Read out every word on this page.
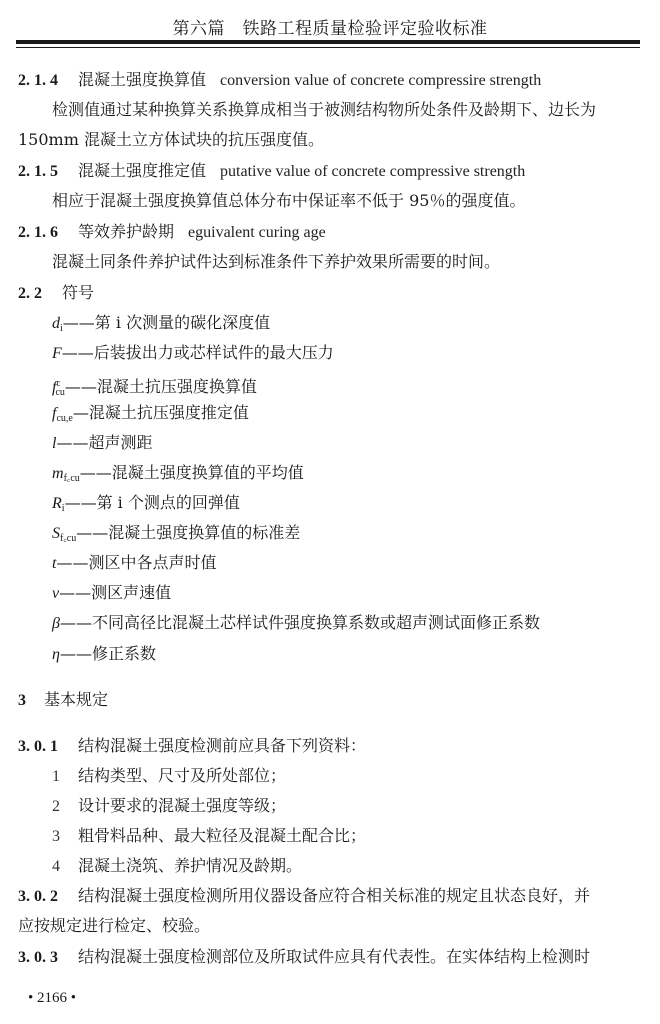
第六篇　铁路工程质量检验评定验收标准
2. 1. 4 混凝土强度换算值 conversion value of concrete compressire strength
检测值通过某种换算关系换算成相当于被测结构物所处条件及龄期下、边长为
150mm 混凝土立方体试块的抗压强度值。
2. 1. 5 混凝土强度推定值 putative value of concrete compressive strength
相应于混凝土强度换算值总体分布中保证率不低于 95％的强度值。
2. 1. 6 等效养护龄期 eguivalent curing age
混凝土同条件养护试件达到标准条件下养护效果所需要的时间。
2. 2 符号
$d_i——$第 i 次测量的碳化深度值
F——后装拔出力或芯样试件的最大压力
$f^c_{cu}——$混凝土抗压强度换算值
$f_{cu,e}—$混凝土抗压强度推定值
l——超声测距
$m_{f꜀cu}——$混凝土强度换算值的平均值
$R_i——$第 i 个测点的回弹值
$S_{f꜀cu}——$混凝土强度换算值的标准差
t——测区中各点声时值
v——测区声速值
β——不同高径比混凝土芯样试件强度换算系数或超声测试面修正系数
η——修正系数
3 基本规定
3. 0. 1 结构混凝土强度检测前应具备下列资料：
1 结构类型、尺寸及所处部位；
2 设计要求的混凝土强度等级；
3 粗骨料品种、最大粒径及混凝土配合比；
4 混凝土浇筑、养护情况及龄期。
3. 0. 2 结构混凝土强度检测所用仪器设备应符合相关标准的规定且状态良好，并
应按规定进行检定、校验。
3. 0. 3 结构混凝土强度检测部位及所取试件应具有代表性。在实体结构上检测时
• 2166 •
